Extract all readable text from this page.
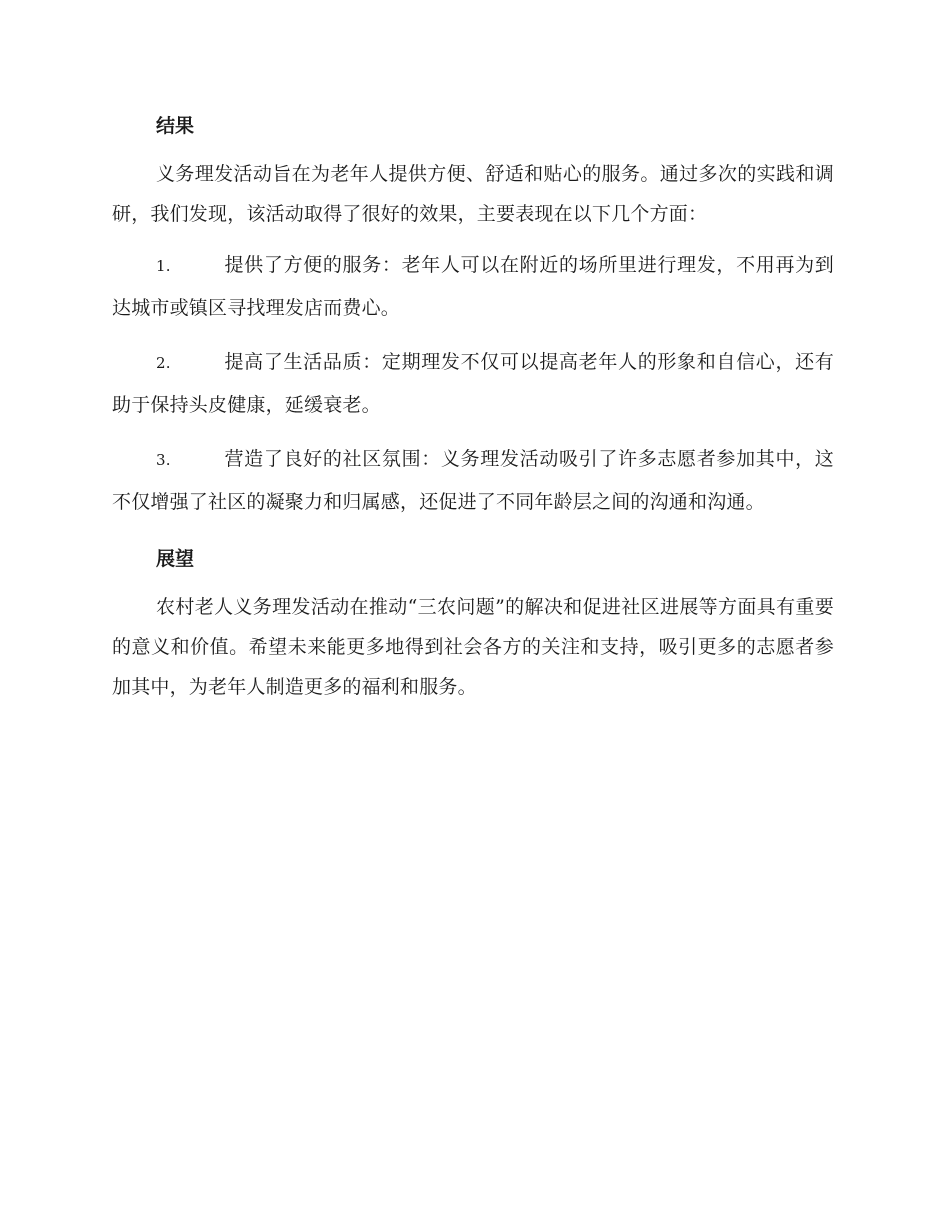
结果

义务理发活动旨在为老年人提供方便、舒适和贴心的服务。通过多次的实践和调研，我们发现，该活动取得了很好的效果，主要表现在以下几个方面：

1.	提供了方便的服务：老年人可以在附近的场所里进行理发，不用再为到达城市或镇区寻找理发店而费心。

2.	提高了生活品质：定期理发不仅可以提高老年人的形象和自信心，还有助于保持头皮健康，延缓衰老。

3.	营造了良好的社区氛围：义务理发活动吸引了许多志愿者参加其中，这不仅增强了社区的凝聚力和归属感，还促进了不同年龄层之间的沟通和沟通。

展望

农村老人义务理发活动在推动“三农问题”的解决和促进社区进展等方面具有重要的意义和价值。希望未来能更多地得到社会各方的关注和支持，吸引更多的志愿者参加其中，为老年人制造更多的福利和服务。
